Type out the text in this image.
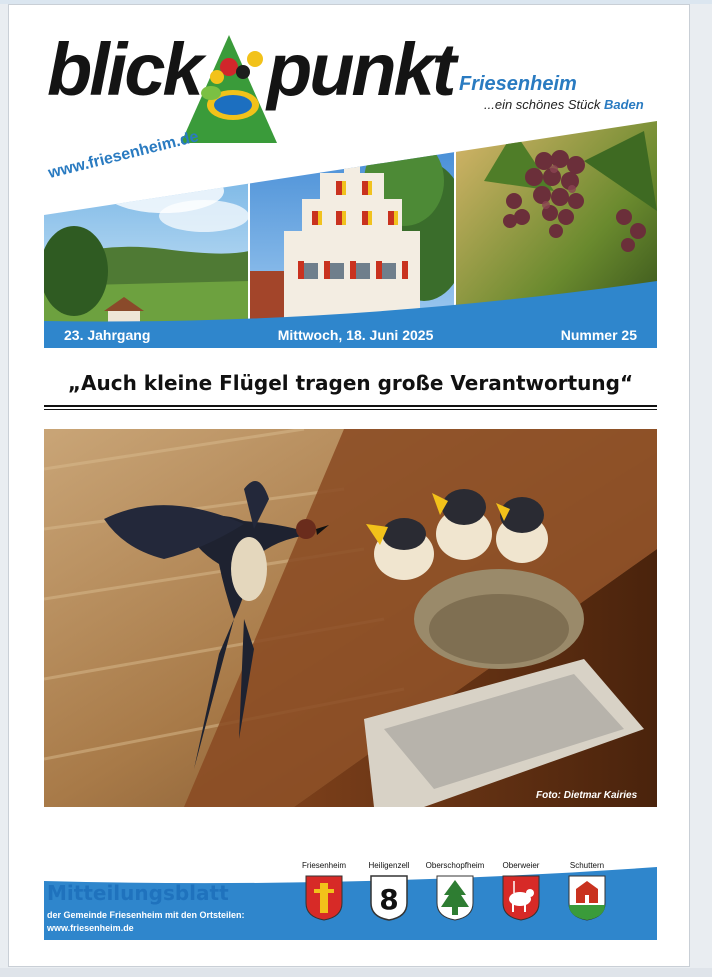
blick punkt Friesenheim
...ein schönes Stück Baden
www.friesenheim.de
23. Jahrgang	Mittwoch, 18. Juni 2025	Nummer 25
„Auch kleine Flügel tragen große Verantwortung“
Foto: Dietmar Kairies
Mitteilungsblatt
der Gemeinde Friesenheim mit den Ortsteilen:
www.friesenheim.de
Friesenheim	Heiligenzell
8
Oberschopfheim	Oberweier	Schuttern
